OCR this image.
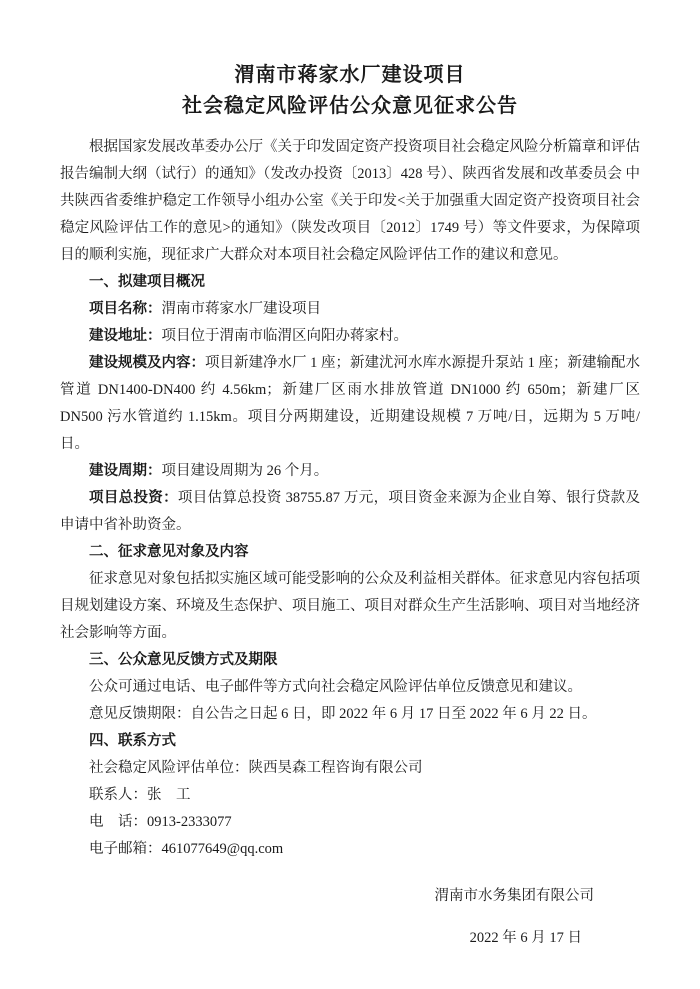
渭南市蒋家水厂建设项目
社会稳定风险评估公众意见征求公告

根据国家发展改革委办公厅《关于印发固定资产投资项目社会稳定风险分析篇章和评估报告编制大纲（试行）的通知》（发改办投资〔2013〕428 号）、陕西省发展和改革委员会 中共陕西省委维护稳定工作领导小组办公室《关于印发<关于加强重大固定资产投资项目社会稳定风险评估工作的意见>的通知》（陕发改项目〔2012〕1749 号）等文件要求，为保障项目的顺利实施，现征求广大群众对本项目社会稳定风险评估工作的建议和意见。

一、拟建项目概况

项目名称：渭南市蒋家水厂建设项目

建设地址：项目位于渭南市临渭区向阳办蒋家村。

建设规模及内容：项目新建净水厂 1 座；新建沋河水库水源提升泵站 1 座；新建输配水管道 DN1400-DN400 约 4.56km；新建厂区雨水排放管道 DN1000 约 650m；新建厂区 DN500 污水管道约 1.15km。项目分两期建设，近期建设规模 7 万吨/日，远期为 5 万吨/日。

建设周期：项目建设周期为 26 个月。

项目总投资：项目估算总投资 38755.87 万元，项目资金来源为企业自筹、银行贷款及申请中省补助资金。

二、征求意见对象及内容

征求意见对象包括拟实施区域可能受影响的公众及利益相关群体。征求意见内容包括项目规划建设方案、环境及生态保护、项目施工、项目对群众生产生活影响、项目对当地经济社会影响等方面。

三、公众意见反馈方式及期限

公众可通过电话、电子邮件等方式向社会稳定风险评估单位反馈意见和建议。

意见反馈期限：自公告之日起 6 日，即 2022 年 6 月 17 日至 2022 年 6 月 22 日。

四、联系方式

社会稳定风险评估单位：陕西昊森工程咨询有限公司

联系人：张　工

电　话：0913-2333077

电子邮箱：461077649@qq.com

渭南市水务集团有限公司

2022 年 6 月 17 日
